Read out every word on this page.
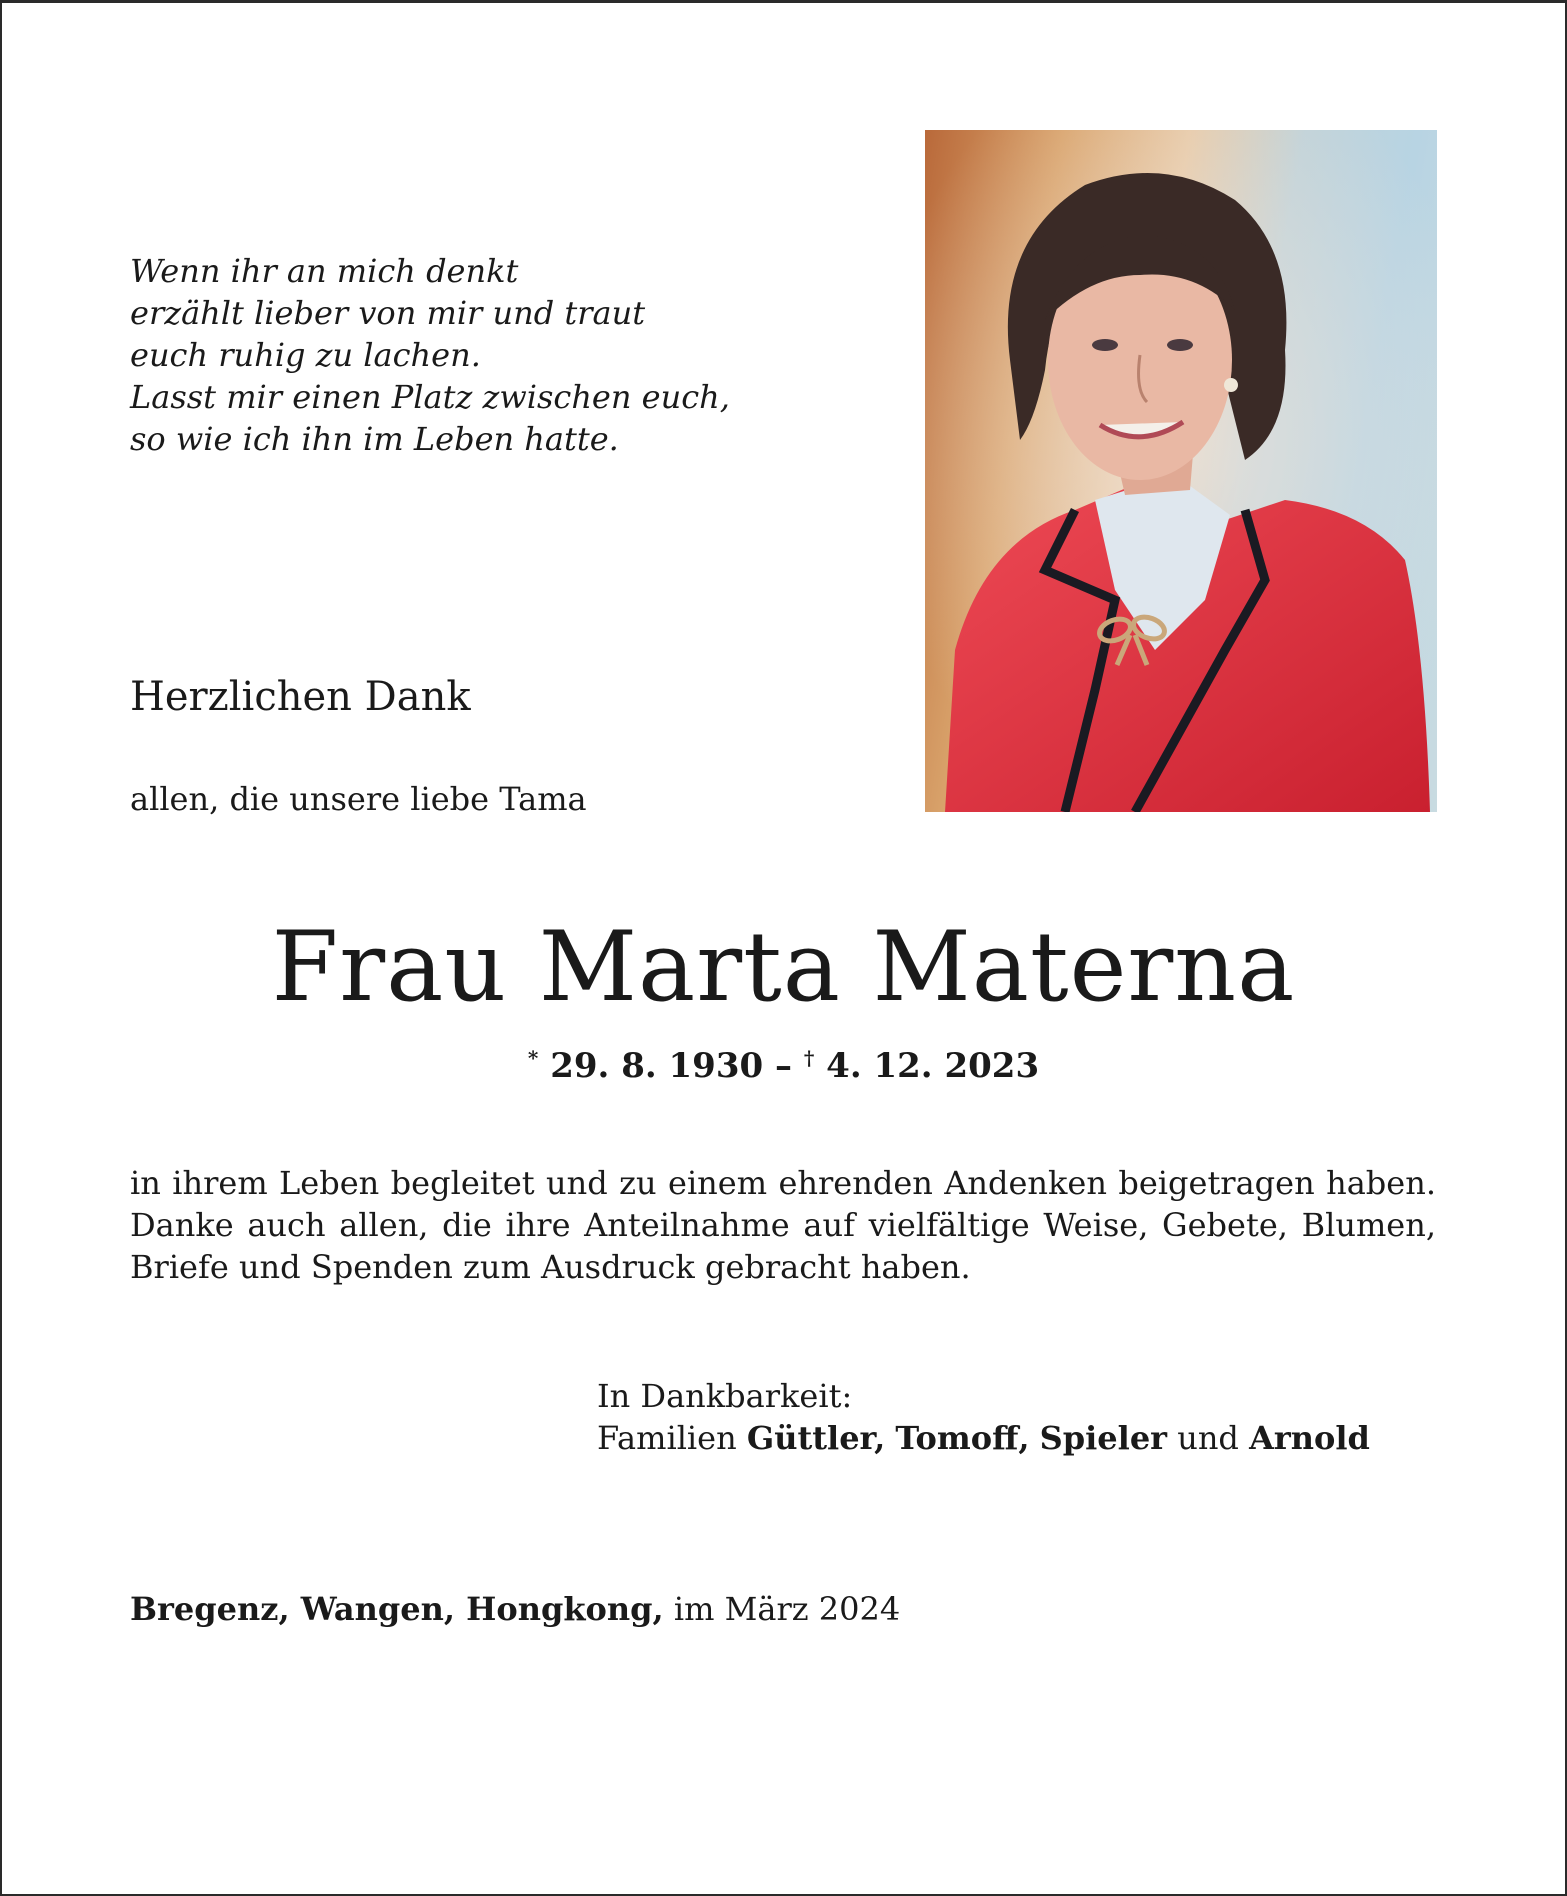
Wenn ihr an mich denkt
erzählt lieber von mir und traut
euch ruhig zu lachen.
Lasst mir einen Platz zwischen euch,
so wie ich ihn im Leben hatte.
Herzlichen Dank
allen, die unsere liebe Tama
Frau Marta Materna
* 29. 8. 1930 – † 4. 12. 2023
in ihrem Leben begleitet und zu einem ehrenden Andenken beigetragen haben. Danke auch allen, die ihre Anteilnahme auf vielfältige Weise, Gebete, Blumen, Briefe und Spenden zum Ausdruck gebracht haben.
In Dankbarkeit:
Familien Güttler, Tomoff, Spieler und Arnold
Bregenz, Wangen, Hongkong, im März 2024
